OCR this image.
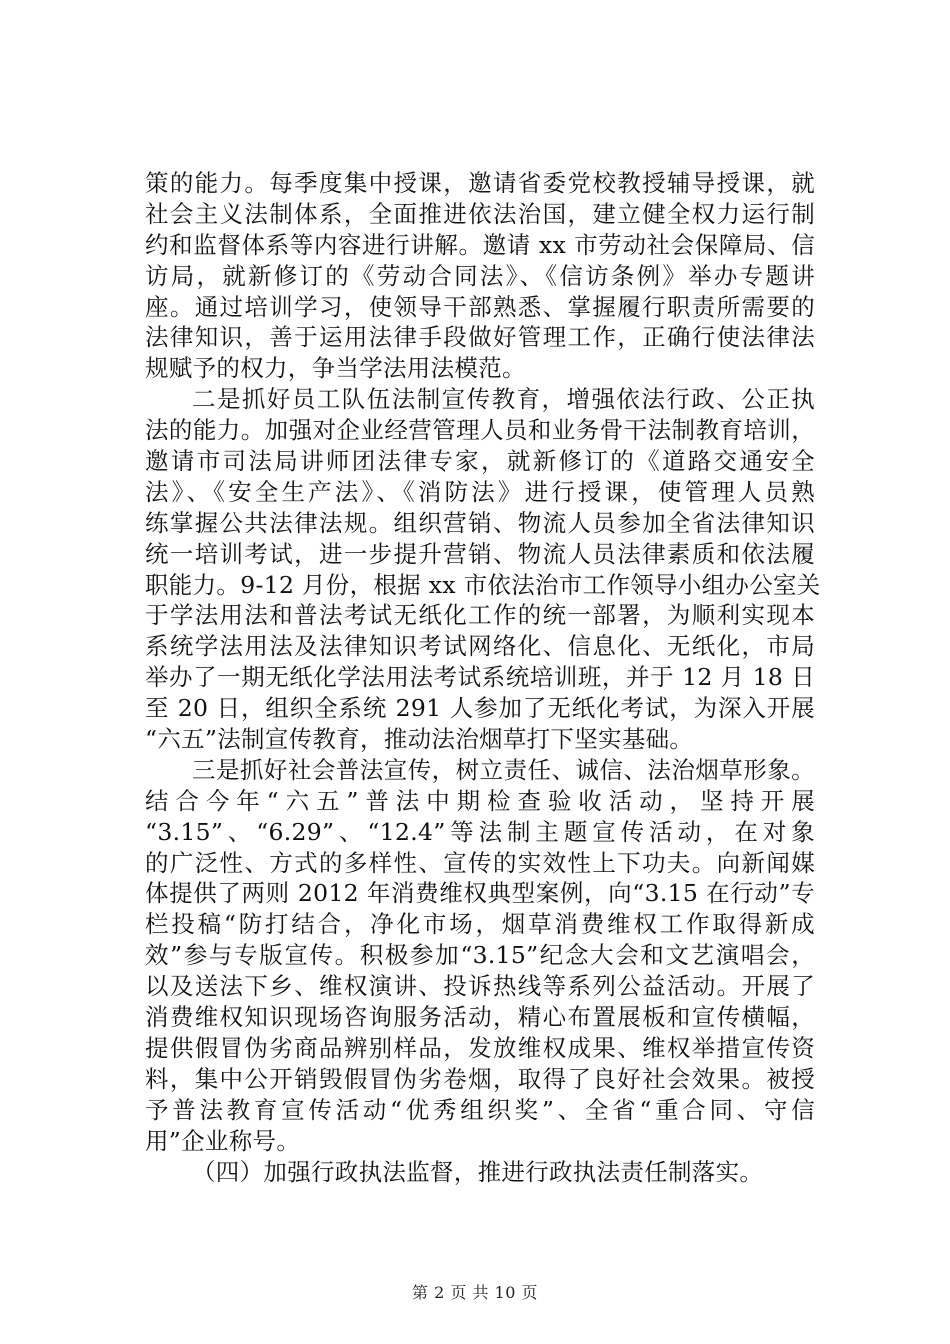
策的能力。每季度集中授课，邀请省委党校教授辅导授课，就
社会主义法制体系，全面推进依法治国，建立健全权力运行制
约和监督体系等内容进行讲解。邀请 xx 市劳动社会保障局、信
访局，就新修订的《劳动合同法》、《信访条例》举办专题讲
座。通过培训学习，使领导干部熟悉、掌握履行职责所需要的
法律知识，善于运用法律手段做好管理工作，正确行使法律法
规赋予的权力，争当学法用法模范。
二是抓好员工队伍法制宣传教育，增强依法行政、公正执
法的能力。加强对企业经营管理人员和业务骨干法制教育培训，
邀请市司法局讲师团法律专家，就新修订的《道路交通安全
法》、《安全生产法》、《消防法》进行授课，使管理人员熟
练掌握公共法律法规。组织营销、物流人员参加全省法律知识
统一培训考试，进一步提升营销、物流人员法律素质和依法履
职能力。9-12 月份，根据 xx 市依法治市工作领导小组办公室关
于学法用法和普法考试无纸化工作的统一部署，为顺利实现本
系统学法用法及法律知识考试网络化、信息化、无纸化，市局
举办了一期无纸化学法用法考试系统培训班，并于 12 月 18 日
至 20 日，组织全系统 291 人参加了无纸化考试，为深入开展
“六五”法制宣传教育，推动法治烟草打下坚实基础。
三是抓好社会普法宣传，树立责任、诚信、法治烟草形象。
结合今年“六五”普法中期检查验收活动，坚持开展
“3.15”、“6.29”、“12.4”等法制主题宣传活动，在对象
的广泛性、方式的多样性、宣传的实效性上下功夫。向新闻媒
体提供了两则 2012 年消费维权典型案例，向“3.15 在行动”专
栏投稿“防打结合，净化市场，烟草消费维权工作取得新成
效”参与专版宣传。积极参加“3.15”纪念大会和文艺演唱会，
以及送法下乡、维权演讲、投诉热线等系列公益活动。开展了
消费维权知识现场咨询服务活动，精心布置展板和宣传横幅，
提供假冒伪劣商品辨别样品，发放维权成果、维权举措宣传资
料，集中公开销毁假冒伪劣卷烟，取得了良好社会效果。被授
予普法教育宣传活动“优秀组织奖”、全省“重合同、守信
用”企业称号。
（四）加强行政执法监督，推进行政执法责任制落实。
第 2 页 共 10 页
